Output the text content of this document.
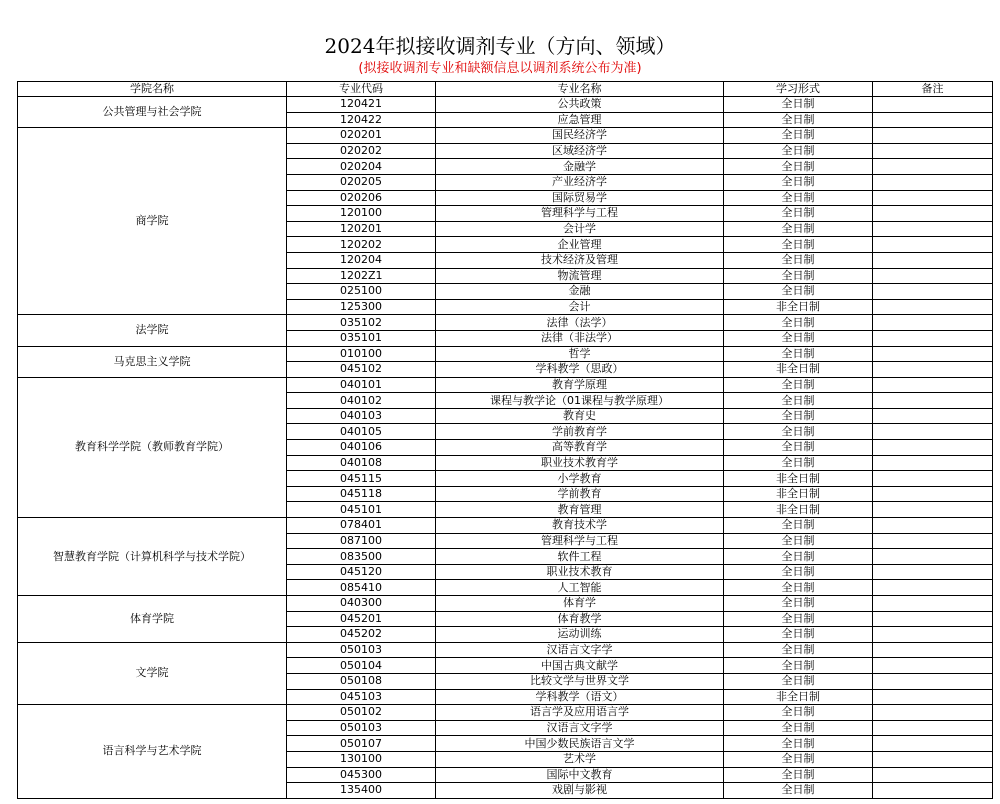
2024年拟接收调剂专业（方向、领域）
(拟接收调剂专业和缺额信息以调剂系统公布为准)
学院名称	专业代码	专业名称	学习形式	备注
公共管理与社会学院	120421	公共政策	全日制	
	120422	应急管理	全日制	
商学院	020201	国民经济学	全日制	
	020202	区域经济学	全日制	
	020204	金融学	全日制	
	020205	产业经济学	全日制	
	020206	国际贸易学	全日制	
	120100	管理科学与工程	全日制	
	120201	会计学	全日制	
	120202	企业管理	全日制	
	120204	技术经济及管理	全日制	
	1202Z1	物流管理	全日制	
	025100	金融	全日制	
	125300	会计	非全日制	
法学院	035102	法律（法学）	全日制	
	035101	法律（非法学）	全日制	
马克思主义学院	010100	哲学	全日制	
	045102	学科教学（思政）	非全日制	
教育科学学院（教师教育学院）	040101	教育学原理	全日制	
	040102	课程与教学论（01课程与教学原理）	全日制	
	040103	教育史	全日制	
	040105	学前教育学	全日制	
	040106	高等教育学	全日制	
	040108	职业技术教育学	全日制	
	045115	小学教育	非全日制	
	045118	学前教育	非全日制	
	045101	教育管理	非全日制	
智慧教育学院（计算机科学与技术学院）	078401	教育技术学	全日制	
	087100	管理科学与工程	全日制	
	083500	软件工程	全日制	
	045120	职业技术教育	全日制	
	085410	人工智能	全日制	
体育学院	040300	体育学	全日制	
	045201	体育教学	全日制	
	045202	运动训练	全日制	
文学院	050103	汉语言文字学	全日制	
	050104	中国古典文献学	全日制	
	050108	比较文学与世界文学	全日制	
	045103	学科教学（语文）	非全日制	
语言科学与艺术学院	050102	语言学及应用语言学	全日制	
	050103	汉语言文字学	全日制	
	050107	中国少数民族语言文学	全日制	
	130100	艺术学	全日制	
	045300	国际中文教育	全日制	
	135400	戏剧与影视	全日制	
